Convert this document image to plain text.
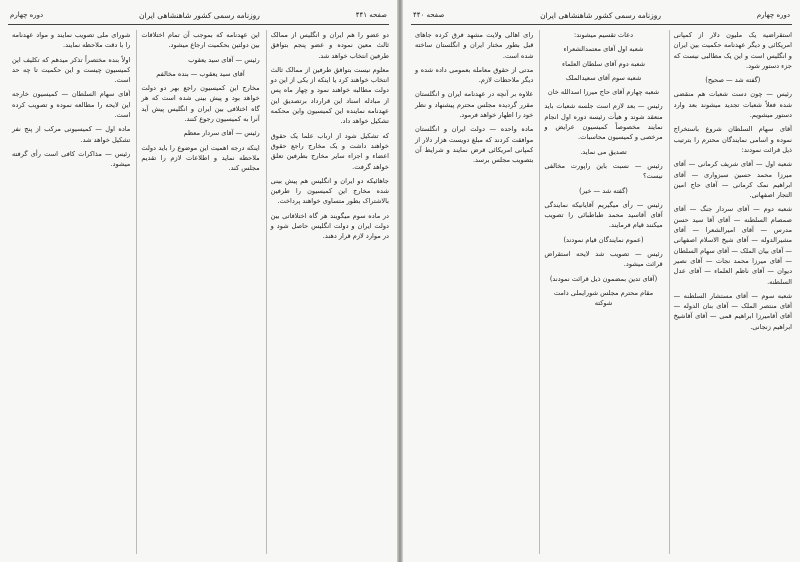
صفحه ۴۴۱
روزنامه رسمی کشور شاهنشاهی ایران
دوره چهارم

دو عضو را هم ایران و انگلیس از ممالک ثالث معین نموده و عضو پنجم بتوافق طرفین انتخاب خواهد شد.

معلوم نیست بتوافق طرفین از ممالک ثالث انتخاب خواهند کرد یا اینکه از یکی از این دو دولت مطالبه خواهند نمود و چهار ماه پس از مبادله اسناد این قرارداد برتصدیق این عهدنامه نماینده این کمیسیون واین محکمه تشکیل خواهد داد.

که تشکیل شود از ارباب علما یک حقوق خواهند داشت و یک مخارج راجع حقوق اعضاء و اجزاء سایر مخارج بطرفین تعلق خواهد گرفت.

جاهائیکه دو ایران و انگلیس هم پیش بینی شده مخارج این کمیسیون را طرفین بالاشتراک بطور متساوی خواهند پرداخت.

در ماده سوم میگویند هر گاه اختلافاتی بین دولت ایران و دولت انگلیس حاصل شود و در موارد لازم قرار دهند.

این عهدنامه که بموجب آن تمام اختلافات بین دولتین بحکمیت ارجاع میشود.

رئیس — آقای سید یعقوب

آقای سید یعقوب — بنده مخالفم

مخارج این کمیسیون راجع بهر دو دولت خواهد بود و پیش بینی شده است که هر گاه اختلافی بین ایران و انگلیس پیش آید آنرا به کمیسیون رجوع کنند.

رئیس — آقای سردار معظم

اینکه درجه اهمیت این موضوع را باید دولت ملاحظه نماید و اطلاعات لازم را تقدیم مجلس کند.

شورای ملی تصویب نمایند و مواد عهدنامه را با دقت ملاحظه نمایند.

اولاً بنده مختصراً تذکر میدهم که تکلیف این کمیسیون چیست و این حکمیت تا چه حد است.

آقای سهام السلطان — کمیسیون خارجه این لایحه را مطالعه نموده و تصویب کرده است.

ماده اول — کمیسیونی مرکب از پنج نفر تشکیل خواهد شد.

رئیس — مذاکرات کافی است رأی گرفته میشود.

دوره چهارم
روزنامه رسمی کشور شاهنشاهی ایران
صفحه ۴۴۰

استقراضیه یک ملیون دلار از کمپانی امریکائی و دیگر عهدنامه حکمیت بین ایران و انگلیس است و این یک مطالبی نیست که جزء دستور شود.

(گفته شد — صحیح)

رئیس — چون دست شعبات هم منقضی شده فعلاً شعبات تجدید میشوند بعد وارد دستور میشویم.

آقای سهام السلطان شروع باستخراج نموده و اسامی نمایندگان محترم را بترتیب ذیل قرائت نمودند:

شعبه اول — آقای شریف کرمانی — آقای میرزا محمد حسین سبزواری — آقای ابراهیم نمک کرمانی — آقای حاج امین التجار اصفهانی.

شعبه دوم — آقای سردار جنگ — آقای صمصام السلطنه — آقای آقا سید حسن مدرس — آقای امیرالشعرا — آقای مشیرالدوله — آقای شیخ الاسلام اصفهانی — آقای بیان الملک — آقای سهام السلطان — آقای میرزا محمد نجات — آقای نصیر دیوان — آقای ناظم العلماء — آقای عدل السلطنه.

شعبه سوم — آقای مستشار السلطنه — آقای منتصر الملک — آقای بنان الدوله — آقای آقامیرزا ابراهیم قمی — آقای آقاشیخ ابراهیم زنجانی.

دعات تقسیم میشوند:

شعبه اول آقای معتمدالشعراء

شعبه دوم آقای سلطان العلماء

شعبه سوم آقای سعیدالملک

شعبه چهارم آقای حاج میرزا اسدالله خان

رئیس — بعد لازم است جلسه شعبات باید منعقد شوند و هیأت رئیسه دوره اول انجام نمایند مخصوصاً کمیسیون عرایض و مرخصی و کمیسیون محاسبات.

تصدیق می نماید.

رئیس — نسبت باین راپورت مخالفی نیست؟

(گفته شد — خیر)

رئیس — رأی میگیریم آقایانیکه نمایندگی آقای آقاسید محمد طباطبائی را تصویب میکنند قیام فرمایند.

(عموم نمایندگان قیام نمودند)

رئیس — تصویب شد لایحه استقراض قرائت میشود.

(آقای تدین بمضمون ذیل قرائت نمودند)

مقام محترم مجلس شورایملی دامت شوکته

رای اهالی ولایت مشهد فرق کرده جاهای قبل بطور مختار ایران و انگلستان ساخته شده است.

مدتی از حقوق معامله بعمومی داده شده و دیگر ملاحظات لازم.

علاوه بر آنچه در عهدنامه ایران و انگلستان مقرر گردیده مجلس محترم پیشنهاد و نظر خود را اظهار خواهد فرمود.

ماده واحده — دولت ایران و انگلستان موافقت کردند که مبلغ دویست هزار دلار از کمپانی امریکائی قرض نمایند و شرایط آن بتصویب مجلس برسد.
